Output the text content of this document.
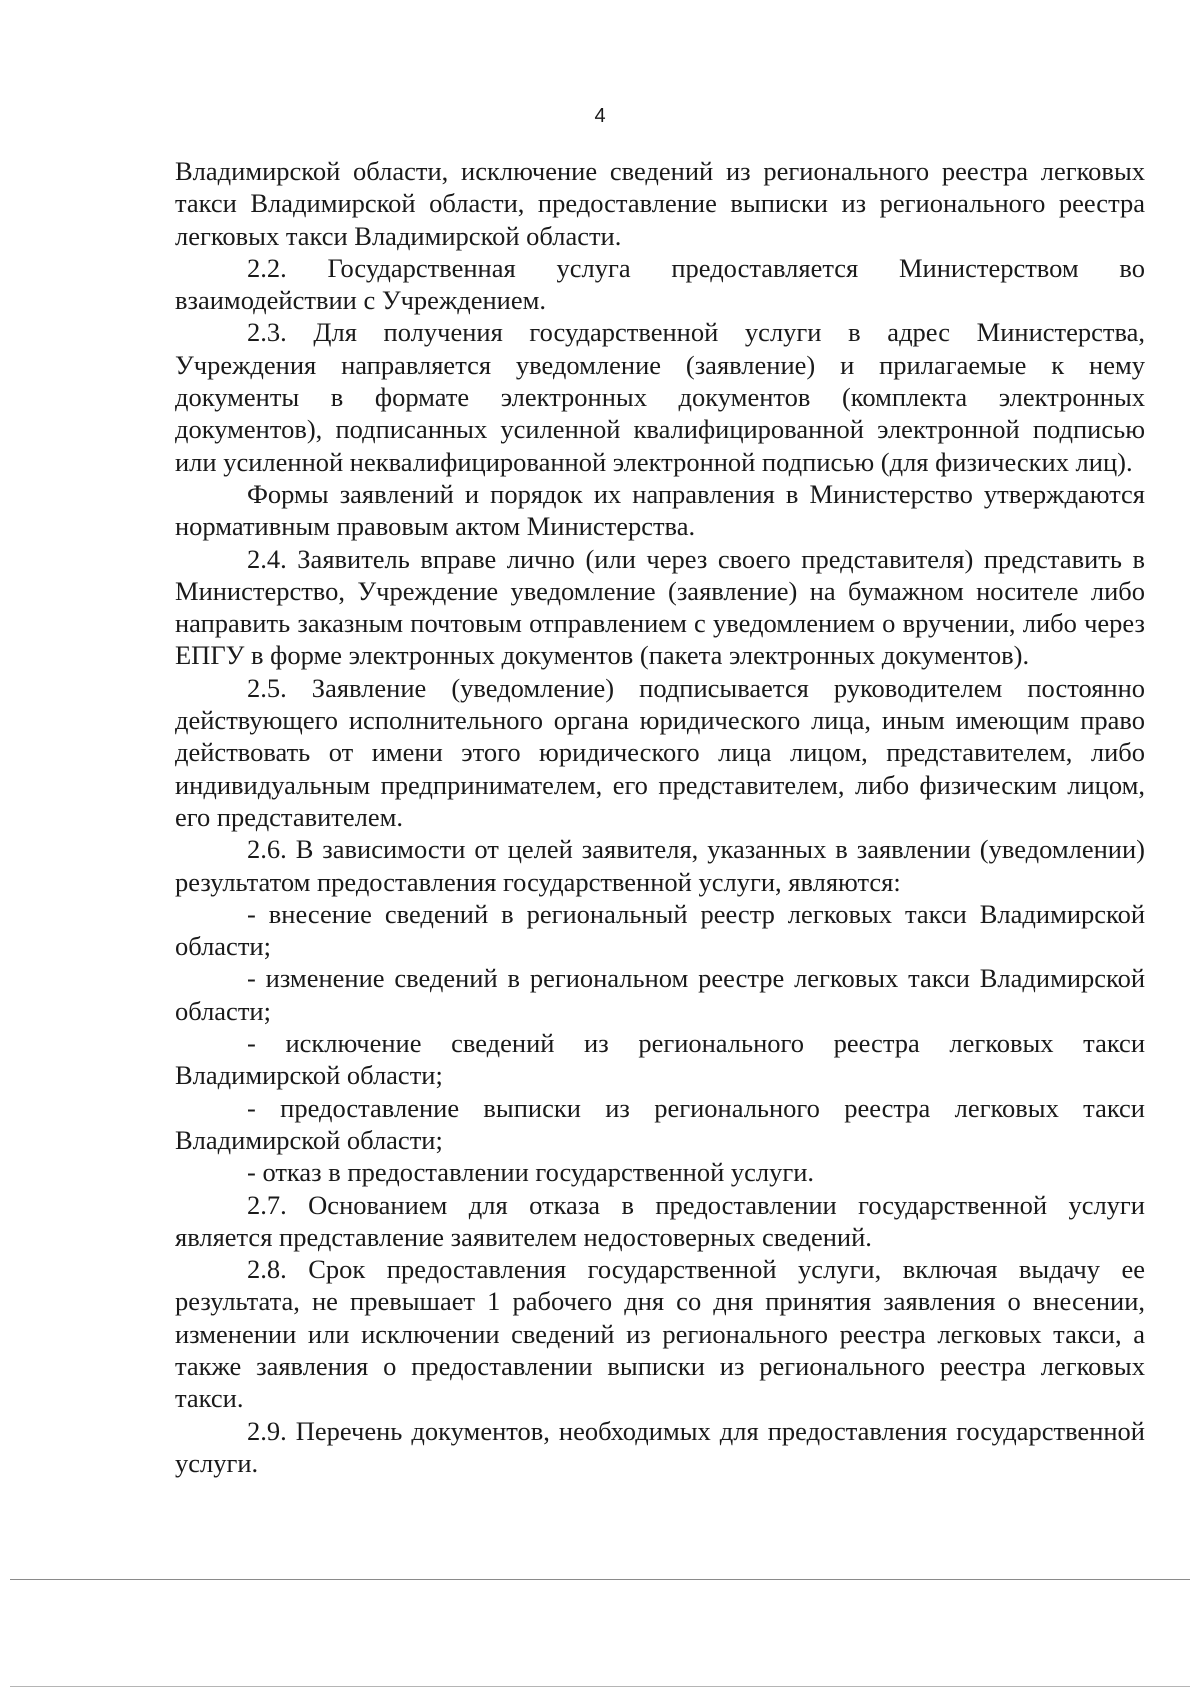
4

Владимирской области, исключение сведений из регионального реестра легковых такси Владимирской области, предоставление выписки из регионального реестра легковых такси Владимирской области.

2.2. Государственная услуга предоставляется Министерством во взаимодействии с Учреждением.

2.3. Для получения государственной услуги в адрес Министерства, Учреждения направляется уведомление (заявление) и прилагаемые к нему документы в формате электронных документов (комплекта электронных документов), подписанных усиленной квалифицированной электронной подписью или усиленной неквалифицированной электронной подписью (для физических лиц).

Формы заявлений и порядок их направления в Министерство утверждаются нормативным правовым актом Министерства.

2.4. Заявитель вправе лично (или через своего представителя) представить в Министерство, Учреждение уведомление (заявление) на бумажном носителе либо направить заказным почтовым отправлением с уведомлением о вручении, либо через ЕПГУ в форме электронных документов (пакета электронных документов).

2.5. Заявление (уведомление) подписывается руководителем постоянно действующего исполнительного органа юридического лица, иным имеющим право действовать от имени этого юридического лица лицом, представителем, либо индивидуальным предпринимателем, его представителем, либо физическим лицом, его представителем.

2.6. В зависимости от целей заявителя, указанных в заявлении (уведомлении) результатом предоставления государственной услуги, являются:

- внесение сведений в региональный реестр легковых такси Владимирской области;

- изменение сведений в региональном реестре легковых такси Владимирской области;

- исключение сведений из регионального реестра легковых такси Владимирской области;

- предоставление выписки из регионального реестра легковых такси Владимирской области;

- отказ в предоставлении государственной услуги.

2.7. Основанием для отказа в предоставлении государственной услуги является представление заявителем недостоверных сведений.

2.8. Срок предоставления государственной услуги, включая выдачу ее результата, не превышает 1 рабочего дня со дня принятия заявления о внесении, изменении или исключении сведений из регионального реестра легковых такси, а также заявления о предоставлении выписки из регионального реестра легковых такси.

2.9. Перечень документов, необходимых для предоставления государственной услуги.
